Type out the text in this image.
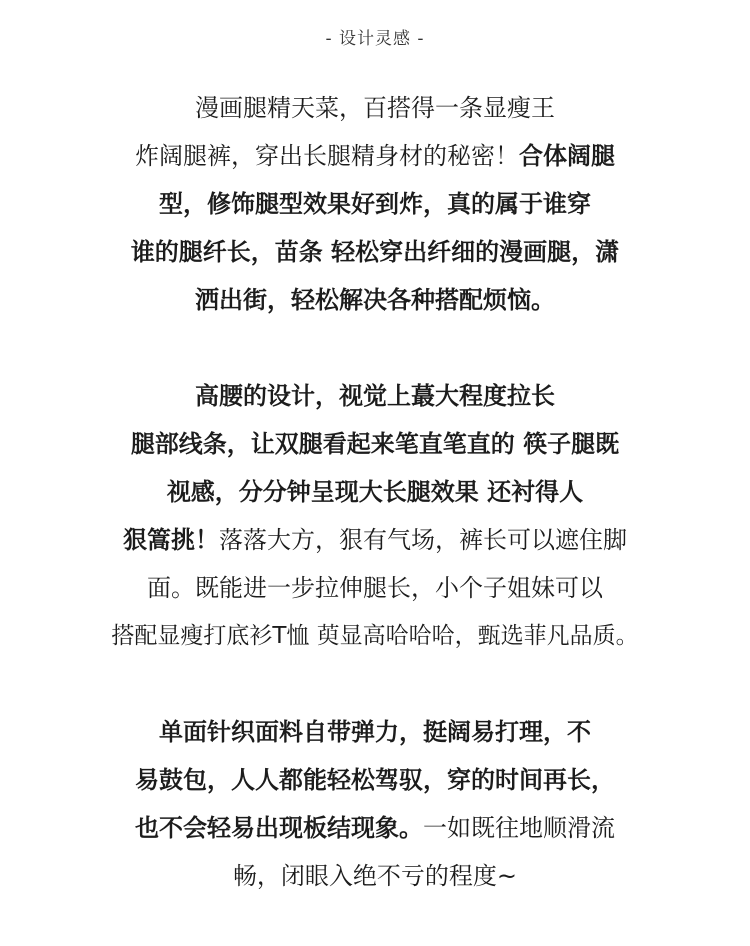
- 设计灵感 -
漫画腿精天菜，百搭得一条显瘦王
炸阔腿裤，穿出长腿精身材的秘密！合体阔腿
型，修饰腿型效果好到炸，真的属于谁穿
谁的腿纤长，苗条 轻松穿出纤细的漫画腿，潇
洒出街，轻松解决各种搭配烦恼。
高腰的设计，视觉上蕞大程度拉长
腿部线条，让双腿看起来笔直笔直的 筷子腿既
视感，分分钟呈现大长腿效果 还衬得人
狠篙挑！落落大方，狠有气场，裤长可以遮住脚
面。既能进一步拉伸腿长，小个子姐妹可以
搭配显瘦打底衫T恤 萸显高哈哈哈，甄选菲凡品质。
单面针织面料自带弹力，挺阔易打理，不
易鼓包，人人都能轻松驾驭，穿的时间再长，
也不会轻易出现板结现象。一如既往地顺滑流
畅，闭眼入绝不亏的程度~
